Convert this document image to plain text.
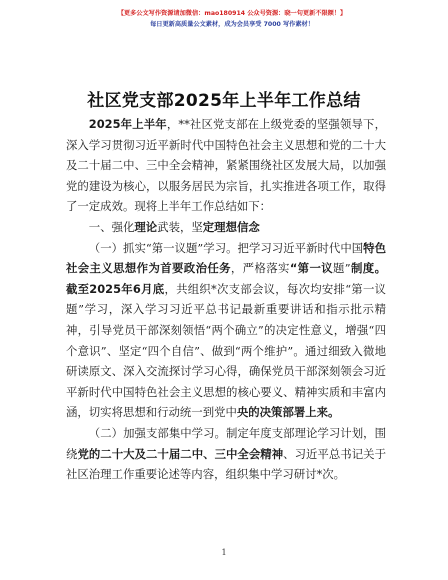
【更多公文写作资源请加微信：mao180914 公众号资源：晓一句更新不限额！】
每日更新高质量公文素材，成为会员享受 7000 写作素材！
社区党支部2025年上半年工作总结

2025年上半年，**社区党支部在上级党委的坚强领导下，深入学习贯彻习近平新时代中国特色社会主义思想和党的二十大及二十届二中、三中全会精神，紧紧围绕社区发展大局，以加强党的建设为核心，以服务居民为宗旨，扎实推进各项工作，取得了一定成效。现将上半年工作总结如下：

一、强化理论武装，坚定理想信念

（一）抓实“第一议题”学习。把学习习近平新时代中国特色社会主义思想作为首要政治任务，严格落实“第一议题”制度。截至2025年6月底，共组织*次支部会议，每次均安排“第一议题”学习，深入学习习近平总书记最新重要讲话和指示批示精神，引导党员干部深刻领悟“两个确立”的决定性意义，增强“四个意识”、坚定“四个自信”、做到“两个维护”。通过细致入微地研读原文、深入交流探讨学习心得，确保党员干部深刻领会习近平新时代中国特色社会主义思想的核心要义、精神实质和丰富内涵，切实将思想和行动统一到党中央的决策部署上来。

（二）加强支部集中学习。制定年度支部理论学习计划，围绕党的二十大及二十届二中、三中全会精神、习近平总书记关于社区治理工作重要论述等内容，组织集中学习研讨*次。

1
